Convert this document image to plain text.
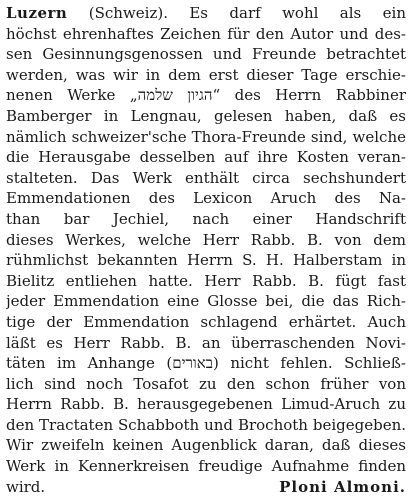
Luzern (Schweiz). Es darf wohl als ein
höchst ehrenhaftes Zeichen für den Autor und des-
sen Gesinnungsgenossen und Freunde betrachtet
werden, was wir in dem erst dieser Tage erschie-
nenen Werke „הגיון שלמה“ des Herrn Rabbiner
Bamberger in Lengnau, gelesen haben, daß es
nämlich schweizer'sche Thora-Freunde sind, welche
die Herausgabe desselben auf ihre Kosten veran-
stalteten. Das Werk enthält circa sechshundert
Emmendationen des Lexicon Aruch des Na-
than bar Jechiel, nach einer Handschrift
dieses Werkes, welche Herr Rabb. B. von dem
rühmlichst bekannten Herrn S. H. Halberstam in
Bielitz entliehen hatte. Herr Rabb. B. fügt fast
jeder Emmendation eine Glosse bei, die das Rich-
tige der Emmendation schlagend erhärtet. Auch
läßt es Herr Rabb. B. an überraschenden Novi-
täten im Anhange (באורים) nicht fehlen. Schließ-
lich sind noch Tosafot zu den schon früher von
Herrn Rabb. B. herausgegebenen Limud-Aruch zu
den Tractaten Schabboth und Brochoth beigegeben.
Wir zweifeln keinen Augenblick daran, daß dieses
Werk in Kennerkreisen freudige Aufnahme finden
wird.	Ploni Almoni.
